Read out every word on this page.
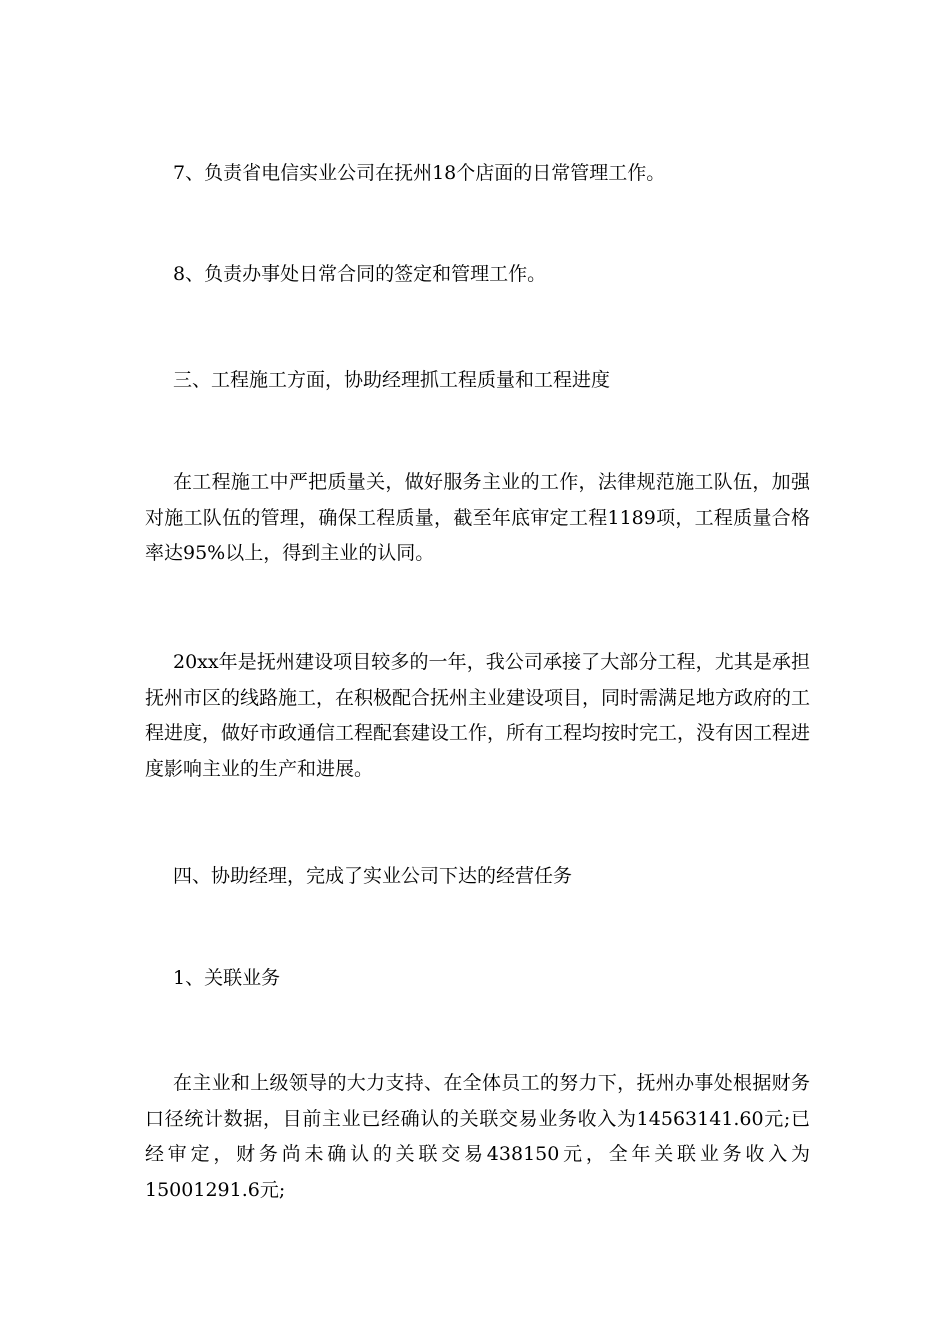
7、负责省电信实业公司在抚州18个店面的日常管理工作。

8、负责办事处日常合同的签定和管理工作。

三、工程施工方面，协助经理抓工程质量和工程进度

在工程施工中严把质量关，做好服务主业的工作，法律规范施工队伍，加强对施工队伍的管理，确保工程质量，截至年底审定工程1189项，工程质量合格率达95%以上，得到主业的认同。

20xx年是抚州建设项目较多的一年，我公司承接了大部分工程，尤其是承担抚州市区的线路施工，在积极配合抚州主业建设项目，同时需满足地方政府的工程进度，做好市政通信工程配套建设工作，所有工程均按时完工，没有因工程进度影响主业的生产和进展。

四、协助经理，完成了实业公司下达的经营任务

1、关联业务

在主业和上级领导的大力支持、在全体员工的努力下，抚州办事处根据财务口径统计数据，目前主业已经确认的关联交易业务收入为14563141.60元;已经审定，财务尚未确认的关联交易438150元，全年关联业务收入为15001291.6元;
